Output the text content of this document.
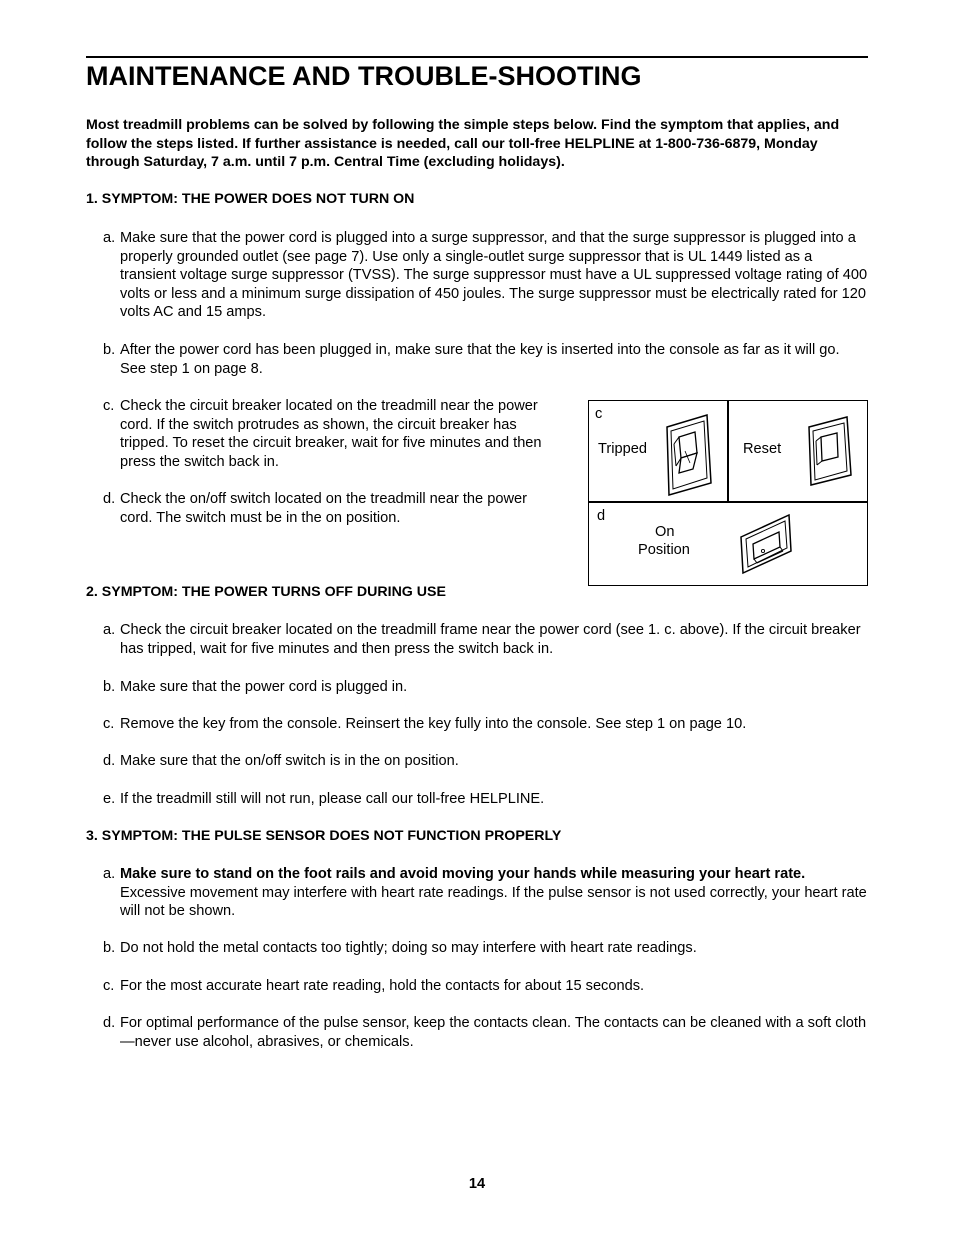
MAINTENANCE AND TROUBLE-SHOOTING
Most treadmill problems can be solved by following the simple steps below. Find the symptom that applies, and follow the steps listed. If further assistance is needed, call our toll-free HELPLINE at 1-800-736-6879, Monday through Saturday, 7 a.m. until 7 p.m. Central Time (excluding holidays).
1. SYMPTOM: THE POWER DOES NOT TURN ON
a. Make sure that the power cord is plugged into a surge suppressor, and that the surge suppressor is plugged into a properly grounded outlet (see page 7). Use only a single-outlet surge suppressor that is UL 1449 listed as a transient voltage surge suppressor (TVSS). The surge suppressor must have a UL suppressed voltage rating of 400 volts or less and a minimum surge dissipation of 450 joules. The surge suppressor must be electrically rated for 120 volts AC and 15 amps.
b. After the power cord has been plugged in, make sure that the key is inserted into the console as far as it will go. See step 1 on page 8.
c. Check the circuit breaker located on the treadmill near the power cord. If the switch protrudes as shown, the circuit breaker has tripped. To reset the circuit breaker, wait for five minutes and then press the switch back in.
d. Check the on/off switch located on the treadmill near the power cord. The switch must be in the on position.
c
Tripped	Reset
d
On
Position
2. SYMPTOM: THE POWER TURNS OFF DURING USE
a. Check the circuit breaker located on the treadmill frame near the power cord (see 1. c. above). If the circuit breaker has tripped, wait for five minutes and then press the switch back in.
b. Make sure that the power cord is plugged in.
c. Remove the key from the console. Reinsert the key fully into the console. See step 1 on page 10.
d. Make sure that the on/off switch is in the on position.
e. If the treadmill still will not run, please call our toll-free HELPLINE.
3. SYMPTOM: THE PULSE SENSOR DOES NOT FUNCTION PROPERLY
a. Make sure to stand on the foot rails and avoid moving your hands while measuring your heart rate. Excessive movement may interfere with heart rate readings. If the pulse sensor is not used correctly, your heart rate will not be shown.
b. Do not hold the metal contacts too tightly; doing so may interfere with heart rate readings.
c. For the most accurate heart rate reading, hold the contacts for about 15 seconds.
d. For optimal performance of the pulse sensor, keep the contacts clean. The contacts can be cleaned with a soft cloth—never use alcohol, abrasives, or chemicals.
14
